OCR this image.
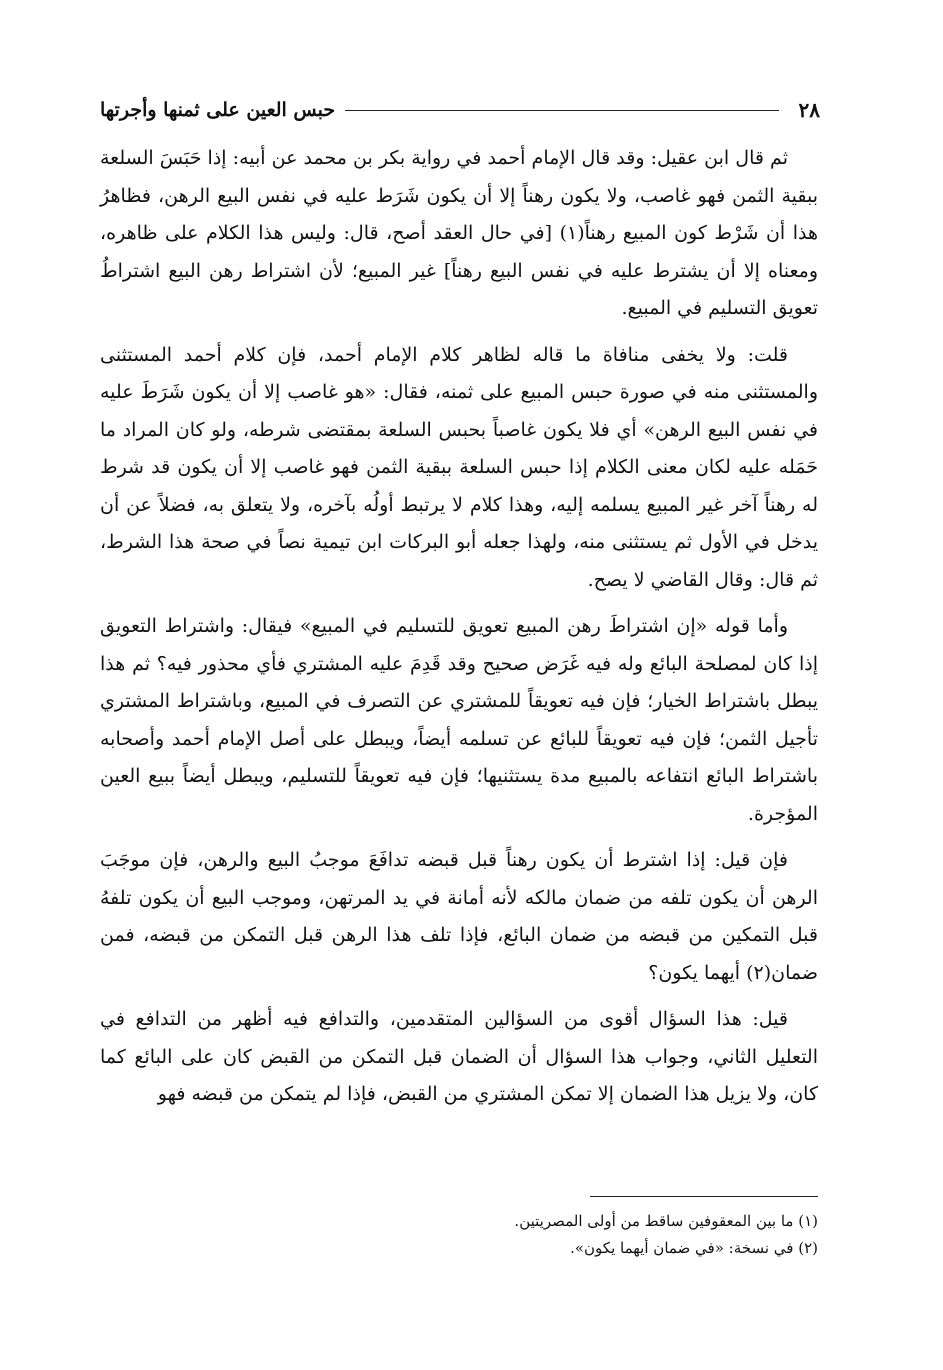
٢٨
حبس العين على ثمنها وأجرتها

ثم قال ابن عقيل: وقد قال الإمام أحمد في رواية بكر بن محمد عن أبيه: إذا حَبَسَ السلعة ببقية الثمن فهو غاصب، ولا يكون رهناً إلا أن يكون شَرَط عليه في نفس البيع الرهن، فظاهرُ هذا أن شَرْط كون المبيع رهناً(١) [في حال العقد أصح، قال: وليس هذا الكلام على ظاهره، ومعناه إلا أن يشترط عليه في نفس البيع رهناً] غير المبيع؛ لأن اشتراط رهن البيع اشتراطُ تعويق التسليم في المبيع.

قلت: ولا يخفى منافاة ما قاله لظاهر كلام الإمام أحمد، فإن كلام أحمد المستثنى والمستثنى منه في صورة حبس المبيع على ثمنه، فقال: «هو غاصب إلا أن يكون شَرَطَ عليه في نفس البيع الرهن» أي فلا يكون غاصباً بحبس السلعة بمقتضى شرطه، ولو كان المراد ما حَمَله عليه لكان معنى الكلام إذا حبس السلعة ببقية الثمن فهو غاصب إلا أن يكون قد شرط له رهناً آخر غير المبيع يسلمه إليه، وهذا كلام لا يرتبط أولُه بآخره، ولا يتعلق به، فضلاً عن أن يدخل في الأول ثم يستثنى منه، ولهذا جعله أبو البركات ابن تيمية نصاً في صحة هذا الشرط، ثم قال: وقال القاضي لا يصح.

وأما قوله «إن اشتراطَ رهن المبيع تعويق للتسليم في المبيع» فيقال: واشتراط التعويق إذا كان لمصلحة البائع وله فيه غَرَض صحيح وقد قَدِمَ عليه المشتري فأي محذور فيه؟ ثم هذا يبطل باشتراط الخيار؛ فإن فيه تعويقاً للمشتري عن التصرف في المبيع، وباشتراط المشتري تأجيل الثمن؛ فإن فيه تعويقاً للبائع عن تسلمه أيضاً، ويبطل على أصل الإمام أحمد وأصحابه باشتراط البائع انتفاعه بالمبيع مدة يستثنيها؛ فإن فيه تعويقاً للتسليم، ويبطل أيضاً ببيع العين المؤجرة.

فإن قيل: إذا اشترط أن يكون رهناً قبل قبضه تدافَعَ موجبُ البيع والرهن، فإن موجَبَ الرهن أن يكون تلفه من ضمان مالكه لأنه أمانة في يد المرتهن، وموجب البيع أن يكون تلفهُ قبل التمكين من قبضه من ضمان البائع، فإذا تلف هذا الرهن قبل التمكن من قبضه، فمن ضمان(٢) أيهما يكون؟

قيل: هذا السؤال أقوى من السؤالين المتقدمين، والتدافع فيه أظهر من التدافع في التعليل الثاني، وجواب هذا السؤال أن الضمان قبل التمكن من القبض كان على البائع كما كان، ولا يزيل هذا الضمان إلا تمكن المشتري من القبض، فإذا لم يتمكن من قبضه فهو

(١) ما بين المعقوفين ساقط من أولى المصريتين.
(٢) في نسخة: «في ضمان أيهما يكون».
